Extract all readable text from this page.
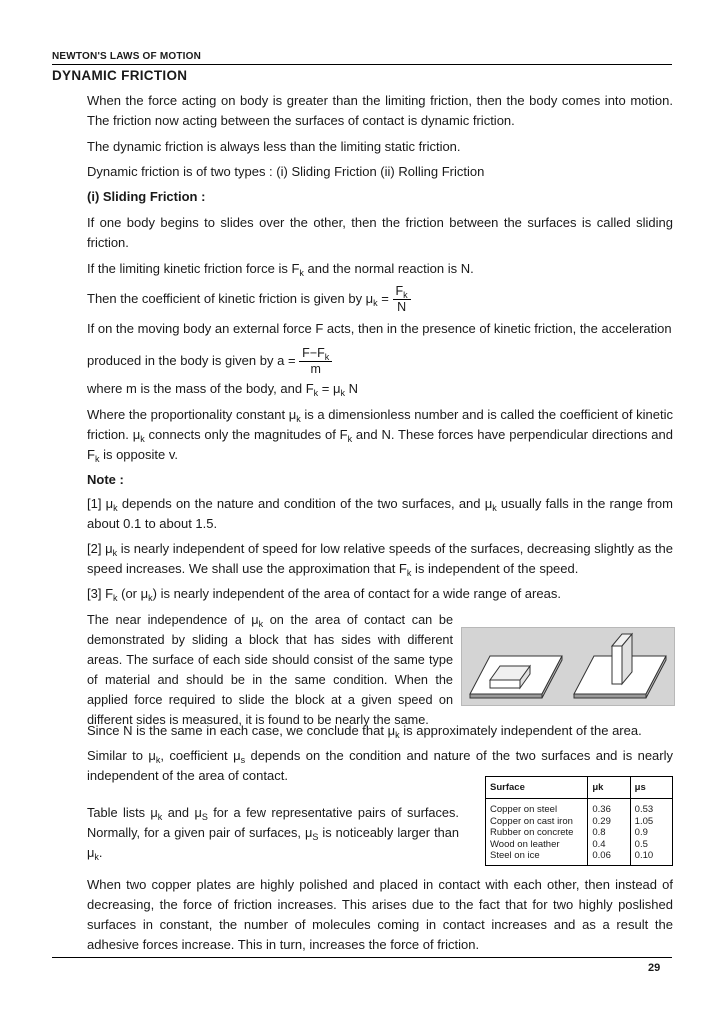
NEWTON'S LAWS OF MOTION
DYNAMIC FRICTION
When the force acting on body is greater than the limiting friction, then the body comes into motion. The friction now acting between the surfaces of contact is dynamic friction.
The dynamic friction is always less than the limiting static friction.
Dynamic friction is of two types : (i) Sliding Friction (ii) Rolling Friction
(i) Sliding Friction :
If one body begins to slides over the other, then the friction between the surfaces is called sliding friction.
If the limiting kinetic friction force is $F_k$ and the normal reaction is N.
Then the coefficient of kinetic friction is given by $\mu_k = \frac{F_k}{N}$
If on the moving body an external force F acts, then in the presence of kinetic friction, the acceleration
produced in the body is given by $a = \frac{F-F_k}{m}$
where m is the mass of the body, and $F_k = \mu_k$ N
Where the proportionality constant $\mu_k$ is a dimensionless number and is called the coefficient of kinetic friction. $\mu_k$ connects only the magnitudes of $F_k$ and N. These forces have perpendicular directions and $F_k$ is opposite v.
Note :
[1] $\mu_k$ depends on the nature and condition of the two surfaces, and $\mu_k$ usually falls in the range from about 0.1 to about 1.5.
[2] $\mu_k$ is nearly independent of speed for low relative speeds of the surfaces, decreasing slightly as the speed increases. We shall use the approximation that $F_k$ is independent of the speed.
[3] $F_k$ (or $\mu_k$) is nearly independent of the area of contact for a wide range of areas.
The near independence of $\mu_k$ on the area of contact can be demonstrated by sliding a block that has sides with different areas. The surface of each side should consist of the same type of material and should be in the same condition. When the applied force required to slide the block at a given speed on different sides is measured, it is found to be nearly the same.
Since N is the same in each case, we conclude that $\mu_k$ is approximately independent of the area.
Similar to $\mu_k$, coefficient $\mu_s$ depends on the condition and nature of the two surfaces and is nearly independent of the area of contact.
Table lists $\mu_k$ and $\mu_S$ for a few representative pairs of surfaces. Normally, for a given pair of surfaces, $\mu_S$ is noticeably larger than $\mu_k$.
Surface	μk	μs
Copper on steel	0.36	0.53
Copper on cast iron	0.29	1.05
Rubber on concrete	0.8	0.9
Wood on leather	0.4	0.5
Steel on ice	0.06	0.10
When two copper plates are highly polished and placed in contact with each other, then instead of decreasing, the force of friction increases. This arises due to the fact that for two highly poslished surfaces in constant, the number of molecules coming in contact increases and as a result the adhesive forces increase. This in turn, increases the force of friction.
29
